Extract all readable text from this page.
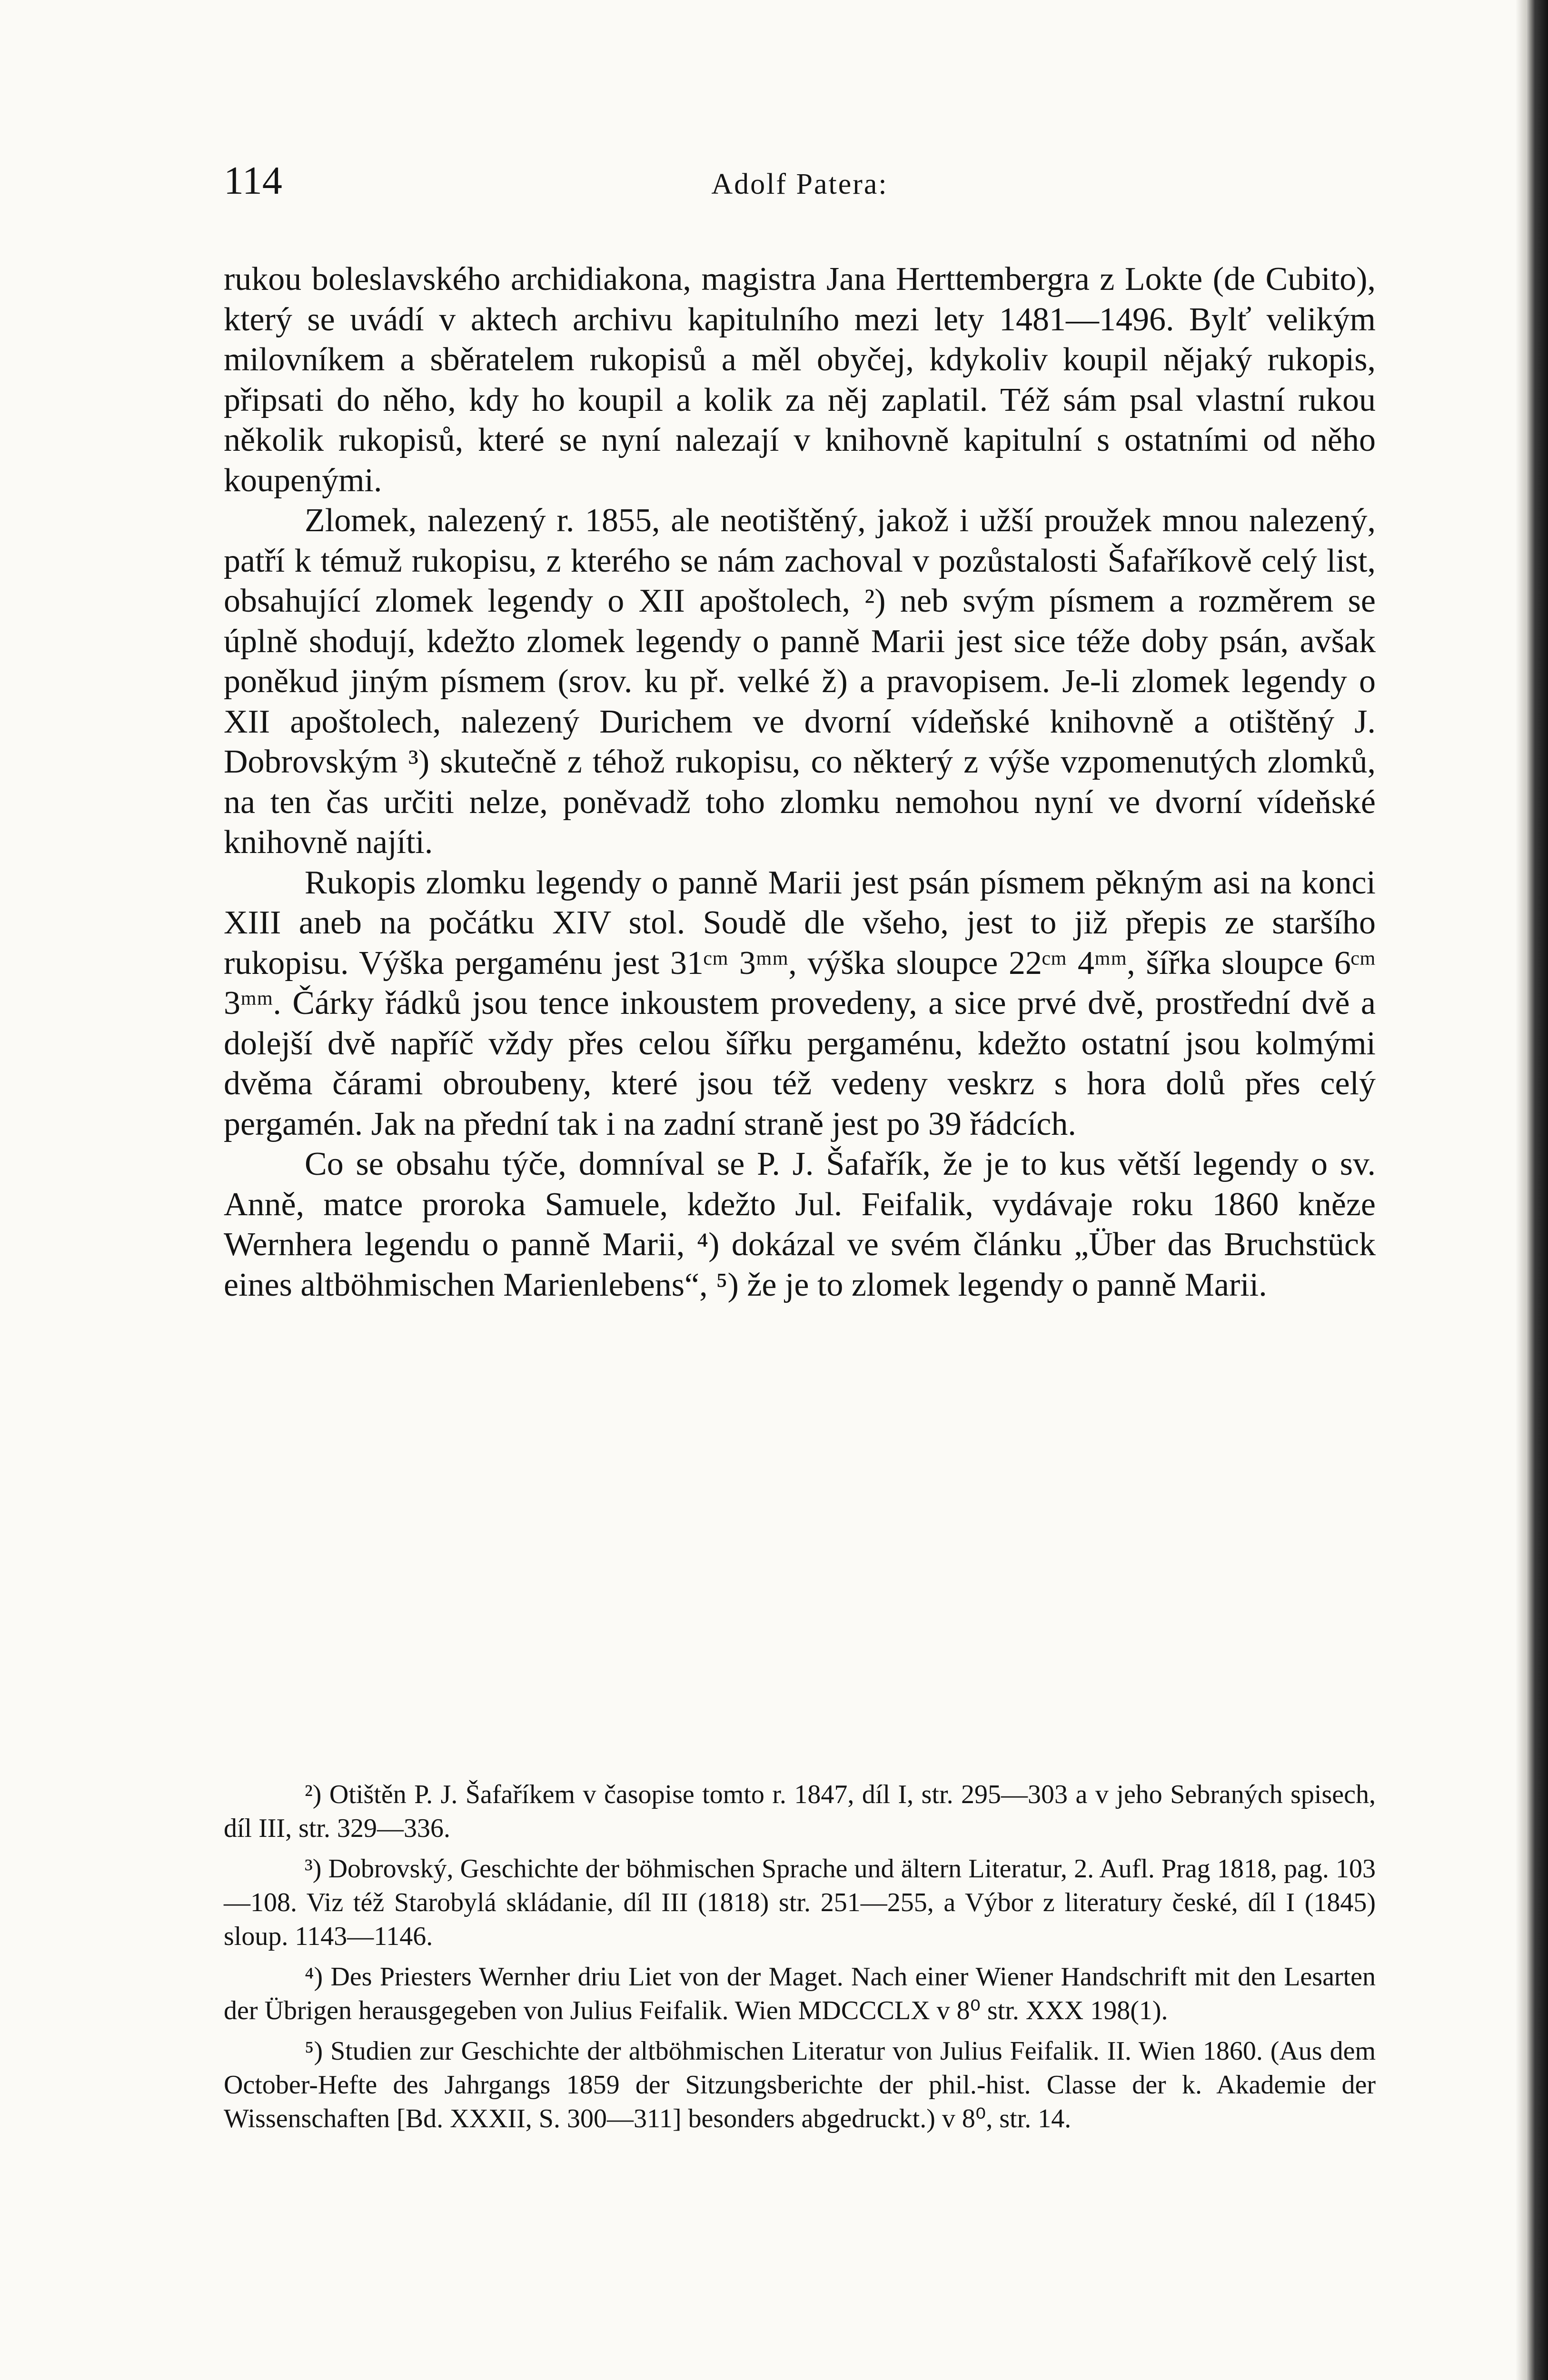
114	Adolf Patera:

rukou boleslavského archidiakona, magistra Jana Herttembergra z Lokte (de Cubito), který se uvádí v aktech archivu kapitulního mezi lety 1481—1496. Bylť velikým milovníkem a sběratelem rukopisů a měl obyčej, kdykoliv koupil nějaký rukopis, připsati do něho, kdy ho koupil a kolik za něj zaplatil. Též sám psal vlastní rukou několik rukopisů, které se nyní nalezají v knihovně kapitulní s ostatními od něho koupenými.

Zlomek, nalezený r. 1855, ale neotištěný, jakož i užší proužek mnou nalezený, patří k témuž rukopisu, z kterého se nám zachoval v pozůstalosti Šafaříkově celý list, obsahující zlomek legendy o XII apoštolech, ²) neb svým písmem a rozměrem se úplně shodují, kdežto zlomek legendy o panně Marii jest sice téže doby psán, avšak poněkud jiným písmem (srov. ku př. velké ž) a pravopisem. Je-li zlomek legendy o XII apoštolech, nalezený Durichem ve dvorní vídeňské knihovně a otištěný J. Dobrovským ³) skutečně z téhož rukopisu, co některý z výše vzpomenutých zlomků, na ten čas určiti nelze, poněvadž toho zlomku nemohou nyní ve dvorní vídeňské knihovně najíti.

Rukopis zlomku legendy o panně Marii jest psán písmem pěkným asi na konci XIII aneb na počátku XIV stol. Soudě dle všeho, jest to již přepis ze staršího rukopisu. Výška pergaménu jest 31ᶜᵐ 3ᵐᵐ, výška sloupce 22ᶜᵐ 4ᵐᵐ, šířka sloupce 6ᶜᵐ 3ᵐᵐ. Čárky řádků jsou tence inkoustem provedeny, a sice prvé dvě, prostřední dvě a dolejší dvě napříč vždy přes celou šířku pergaménu, kdežto ostatní jsou kolmými dvěma čárami obroubeny, které jsou též vedeny veskrz s hora dolů přes celý pergamén. Jak na přední tak i na zadní straně jest po 39 řádcích.

Co se obsahu týče, domníval se P. J. Šafařík, že je to kus větší legendy o sv. Anně, matce proroka Samuele, kdežto Jul. Feifalik, vydávaje roku 1860 kněze Wernhera legendu o panně Marii, ⁴) dokázal ve svém článku „Über das Bruchstück eines altböhmischen Marienlebens“, ⁵) že je to zlomek legendy o panně Marii.

²) Otištěn P. J. Šafaříkem v časopise tomto r. 1847, díl I, str. 295—303 a v jeho Sebraných spisech, díl III, str. 329—336.

³) Dobrovský, Geschichte der böhmischen Sprache und ältern Literatur, 2. Aufl. Prag 1818, pag. 103—108. Viz též Starobylá skládanie, díl III (1818) str. 251—255, a Výbor z literatury české, díl I (1845) sloup. 1143—1146.

⁴) Des Priesters Wernher driu Liet von der Maget. Nach einer Wiener Handschrift mit den Lesarten der Übrigen herausgegeben von Julius Feifalik. Wien MDCCCLX v 8⁰ str. XXX 198(1).

⁵) Studien zur Geschichte der altböhmischen Literatur von Julius Feifalik. II. Wien 1860. (Aus dem October-Hefte des Jahrgangs 1859 der Sitzungsberichte der phil.-hist. Classe der k. Akademie der Wissenschaften [Bd. XXXII, S. 300—311] besonders abgedruckt.) v 8⁰, str. 14.
